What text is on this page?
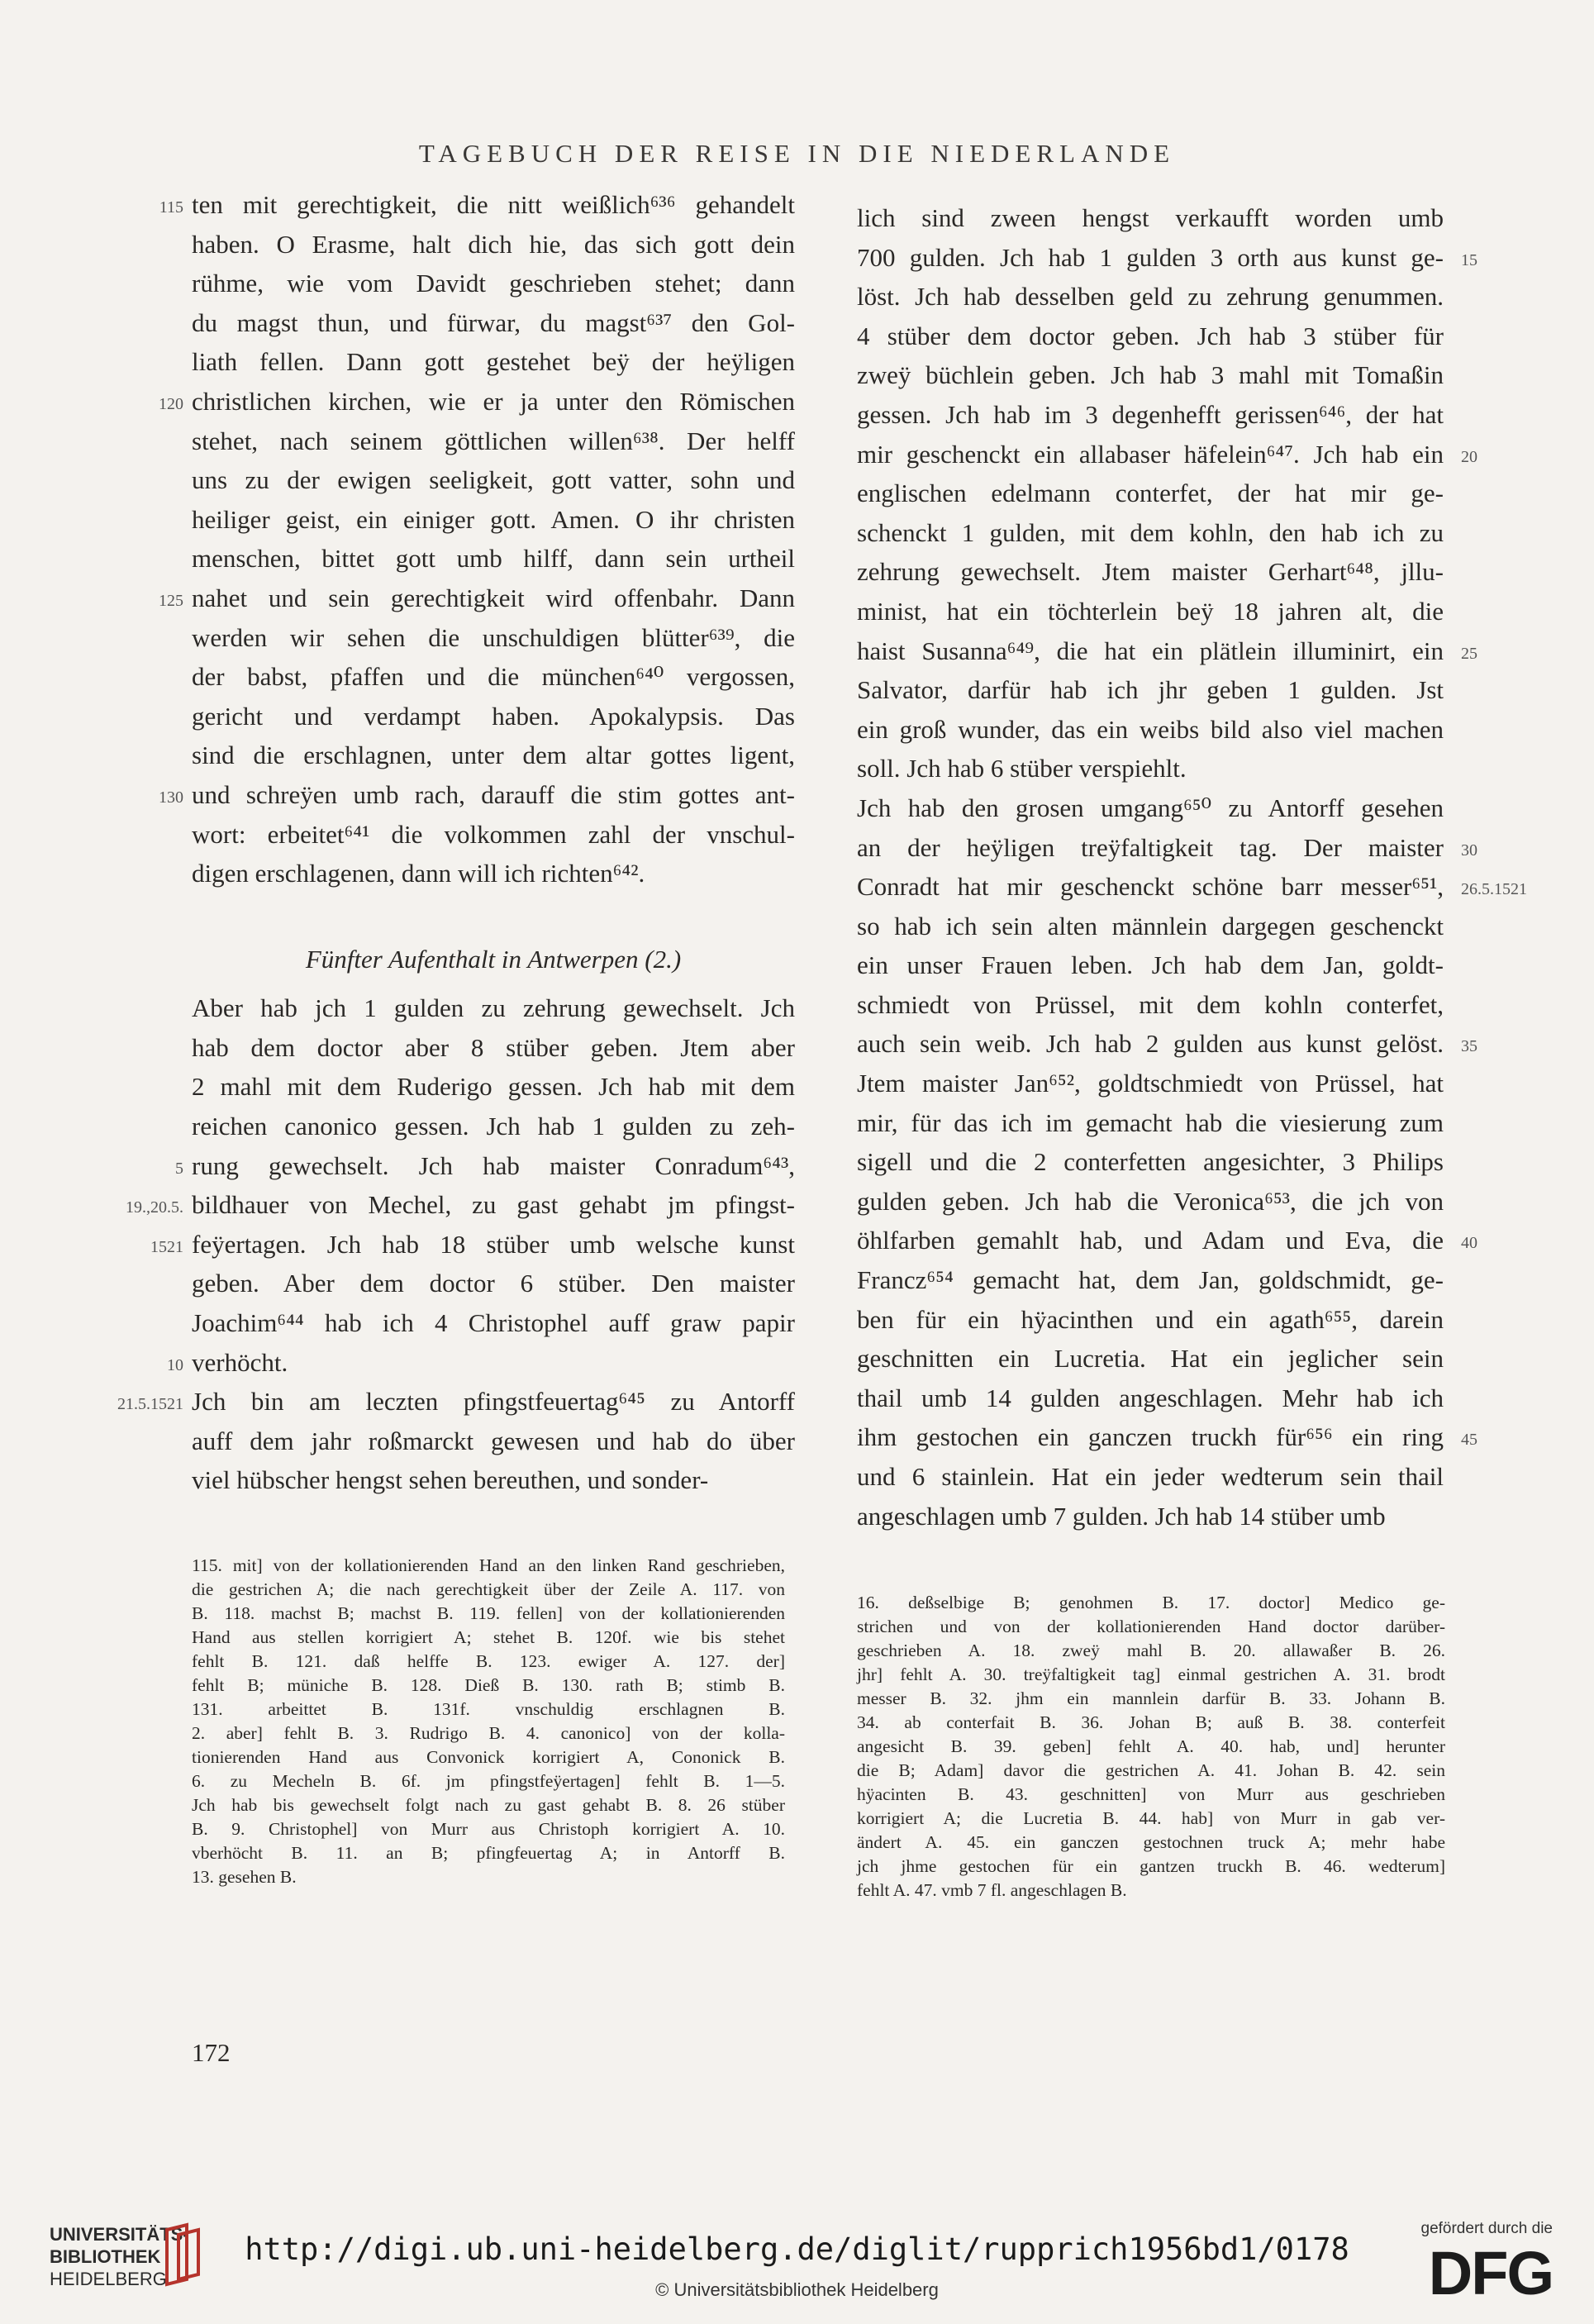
TAGEBUCH DER REISE IN DIE NIEDERLANDE
ten mit gerechtigkeit, die nitt weißlich⁶³⁶ gehandelt
haben. O Erasme, halt dich hie, das sich gott dein
rühme, wie vom Davidt geschrieben stehet; dann
du magst thun, und fürwar, du magst⁶³⁷ den Gol-
liath fellen. Dann gott gestehet beÿ der heÿligen
christlichen kirchen, wie er ja unter den Römischen
stehet, nach seinem göttlichen willen⁶³⁸. Der helff
uns zu der ewigen seeligkeit, gott vatter, sohn und
heiliger geist, ein einiger gott. Amen. O ihr christen
menschen, bittet gott umb hilff, dann sein urtheil
nahet und sein gerechtigkeit wird offenbahr. Dann
werden wir sehen die unschuldigen blütter⁶³⁹, die
der babst, pfaffen und die münchen⁶⁴⁰ vergossen,
gericht und verdampt haben. Apokalypsis. Das
sind die erschlagnen, unter dem altar gottes ligent,
und schreÿen umb rach, darauff die stim gottes ant-
wort: erbeitet⁶⁴¹ die volkommen zahl der vnschul-
digen erschlagenen, dann will ich richten⁶⁴².
Fünfter Aufenthalt in Antwerpen (2.)
Aber hab jch 1 gulden zu zehrung gewechselt. Jch
hab dem doctor aber 8 stüber geben. Jtem aber
2 mahl mit dem Ruderigo gessen. Jch hab mit dem
reichen canonico gessen. Jch hab 1 gulden zu zeh-
rung gewechselt. Jch hab maister Conradum⁶⁴³,
bildhauer von Mechel, zu gast gehabt jm pfingst-
feÿertagen. Jch hab 18 stüber umb welsche kunst
geben. Aber dem doctor 6 stüber. Den maister
Joachim⁶⁴⁴ hab ich 4 Christophel auff graw papir
verhöcht.
Jch bin am leczten pfingstfeuertag⁶⁴⁵ zu Antorff
auff dem jahr roßmarckt gewesen und hab do über
viel hübscher hengst sehen bereuthen, und sonder-
lich sind zween hengst verkaufft worden umb
700 gulden. Jch hab 1 gulden 3 orth aus kunst ge-
löst. Jch hab desselben geld zu zehrung genummen.
4 stüber dem doctor geben. Jch hab 3 stüber für
zweÿ büchlein geben. Jch hab 3 mahl mit Tomaßin
gessen. Jch hab im 3 degenhefft gerissen⁶⁴⁶, der hat
mir geschenckt ein allabaser häfelein⁶⁴⁷. Jch hab ein
englischen edelmann conterfet, der hat mir ge-
schenckt 1 gulden, mit dem kohln, den hab ich zu
zehrung gewechselt. Jtem maister Gerhart⁶⁴⁸, jllu-
minist, hat ein töchterlein beÿ 18 jahren alt, die
haist Susanna⁶⁴⁹, die hat ein plätlein illuminirt, ein
Salvator, darfür hab ich jhr geben 1 gulden. Jst
ein groß wunder, das ein weibs bild also viel machen
soll. Jch hab 6 stüber verspiehlt.
Jch hab den grosen umgang⁶⁵⁰ zu Antorff gesehen
an der heÿligen treÿfaltigkeit tag. Der maister
Conradt hat mir geschenckt schöne barr messer⁶⁵¹,
so hab ich sein alten männlein dargegen geschenckt
ein unser Frauen leben. Jch hab dem Jan, goldt-
schmiedt von Prüssel, mit dem kohln conterfet,
auch sein weib. Jch hab 2 gulden aus kunst gelöst.
Jtem maister Jan⁶⁵², goldtschmiedt von Prüssel, hat
mir, für das ich im gemacht hab die viesierung zum
sigell und die 2 conterfetten angesichter, 3 Philips
gulden geben. Jch hab die Veronica⁶⁵³, die jch von
öhlfarben gemahlt hab, und Adam und Eva, die
Francz⁶⁵⁴ gemacht hat, dem Jan, goldschmidt, ge-
ben für ein hÿacinthen und ein agath⁶⁵⁵, darein
geschnitten ein Lucretia. Hat ein jeglicher sein
thail umb 14 gulden angeschlagen. Mehr hab ich
ihm gestochen ein ganczen truckh für⁶⁵⁶ ein ring
und 6 stainlein. Hat ein jeder wedterum sein thail
angeschlagen umb 7 gulden. Jch hab 14 stüber umb
115
120
125
130
5
19.,20.5.
1521
10
21.5.1521
15
20
25
30
26.5.1521
35
40
45
115. mit] von der kollationierenden Hand an den linken Rand geschrieben,
die gestrichen A; die nach gerechtigkeit über der Zeile A. 117. von
B. 118. machst B; machst B. 119. fellen] von der kollationierenden
Hand aus stellen korrigiert A; stehet B. 120f. wie bis stehet
fehlt B. 121. daß helffe B. 123. ewiger A. 127. der]
fehlt B; müniche B. 128. Dieß B. 130. rath B; stimb B.
131. arbeittet B. 131f. vnschuldig erschlagnen B.
2. aber] fehlt B. 3. Rudrigo B. 4. canonico] von der kolla-
tionierenden Hand aus Convonick korrigiert A, Cononick B.
6. zu Mecheln B. 6f. jm pfingstfeÿertagen] fehlt B. 1—5.
Jch hab bis gewechselt folgt nach zu gast gehabt B. 8. 26 stüber
B. 9. Christophel] von Murr aus Christoph korrigiert A. 10.
vberhöcht B. 11. an B; pfingfeuertag A; in Antorff B.
13. gesehen B.
16. deßselbige B; genohmen B. 17. doctor] Medico ge-
strichen und von der kollationierenden Hand doctor darüber-
geschrieben A. 18. zweÿ mahl B. 20. allawaßer B. 26.
jhr] fehlt A. 30. treÿfaltigkeit tag] einmal gestrichen A. 31. brodt
messer B. 32. jhm ein mannlein darfür B. 33. Johann B.
34. ab conterfait B. 36. Johan B; auß B. 38. conterfeit
angesicht B. 39. geben] fehlt A. 40. hab, und] herunter
die B; Adam] davor die gestrichen A. 41. Johan B. 42. sein
hÿacinten B. 43. geschnitten] von Murr aus geschrieben
korrigiert A; die Lucretia B. 44. hab] von Murr in gab ver-
ändert A. 45. ein ganczen gestochnen truck A; mehr habe
jch jhme gestochen für ein gantzen truckh B. 46. wedterum]
fehlt A. 47. vmb 7 fl. angeschlagen B.
172
UNIVERSITÄTS-
BIBLIOTHEK
HEIDELBERG
http://digi.ub.uni-heidelberg.de/diglit/rupprich1956bd1/0178
© Universitätsbibliothek Heidelberg
gefördert durch die
DFG
